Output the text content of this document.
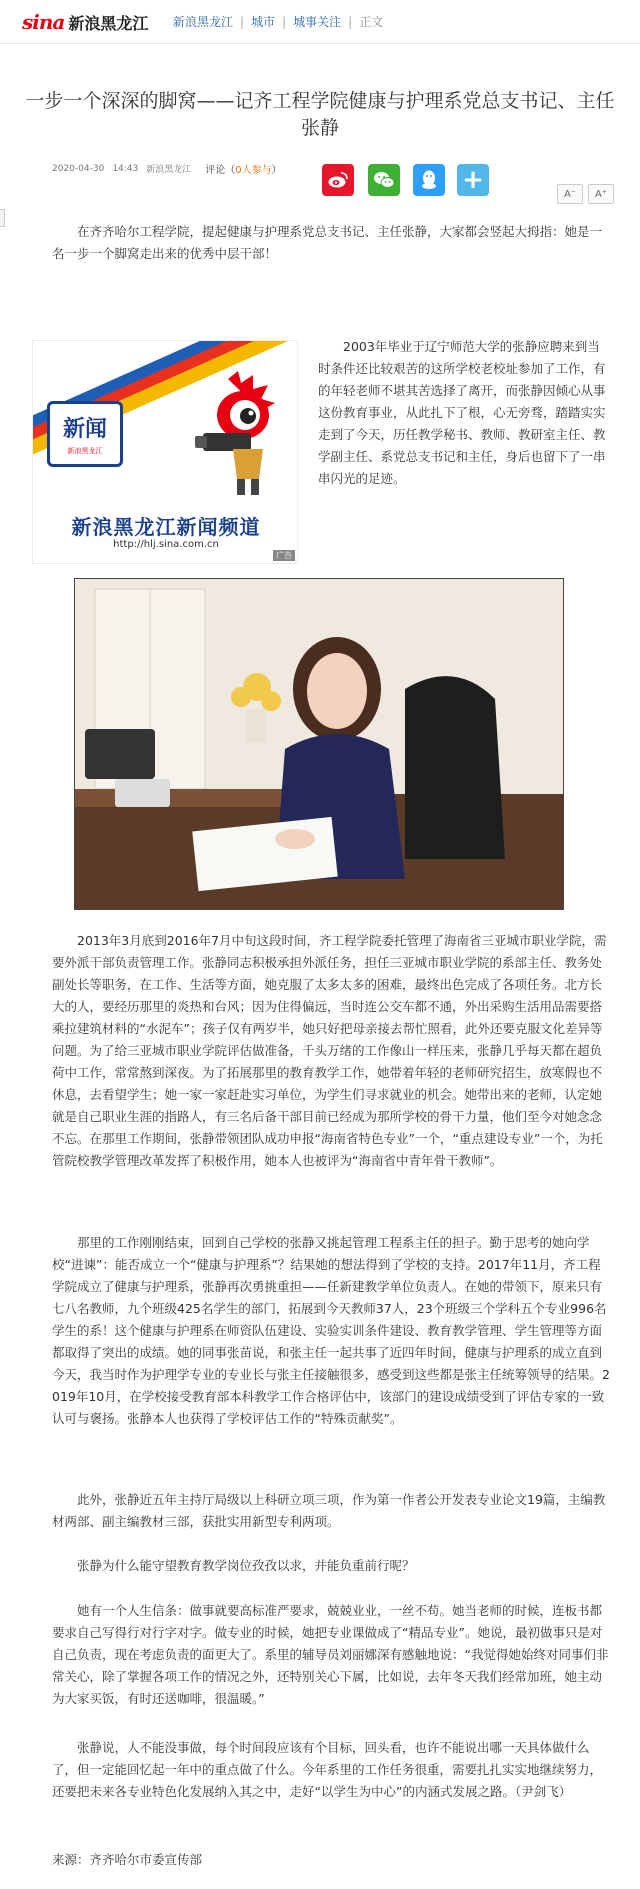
sina 新浪黑龙江 新浪黑龙江 | 城市 | 城事关注 | 正文
一步一个深深的脚窝——记齐工程学院健康与护理系党总支书记、主任张静
2020-04-30 14:43 新浪黑龙江 评论（0人参与）	+	A⁻	A⁺

在齐齐哈尔工程学院，提起健康与护理系党总支书记、主任张静，大家都会竖起大拇指：她是一名一步一个脚窝走出来的优秀中层干部！

新闻
新浪黑龙江
新浪黑龙江新闻频道
http://hlj.sina.com.cn
广告

2003年毕业于辽宁师范大学的张静应聘来到当时条件还比较艰苦的这所学校老校址参加了工作，有的年轻老师不堪其苦选择了离开，而张静因倾心从事这份教育事业，从此扎下了根，心无旁骛，踏踏实实走到了今天，历任教学秘书、教师、教研室主任、教学副主任、系党总支书记和主任，身后也留下了一串串闪光的足迹。

2013年3月底到2016年7月中旬这段时间，齐工程学院委托管理了海南省三亚城市职业学院，需要外派干部负责管理工作。张静同志积极承担外派任务，担任三亚城市职业学院的系部主任、教务处副处长等职务，在工作、生活等方面，她克服了太多太多的困难，最终出色完成了各项任务。北方长大的人，要经历那里的炎热和台风；因为住得偏远，当时连公交车都不通，外出采购生活用品需要搭乘拉建筑材料的“水泥车”；孩子仅有两岁半，她只好把母亲接去帮忙照看，此外还要克服文化差异等问题。为了给三亚城市职业学院评估做准备，千头万绪的工作像山一样压来，张静几乎每天都在超负荷中工作，常常熬到深夜。为了拓展那里的教育教学工作，她带着年轻的老师研究招生，放寒假也不休息，去看望学生；她一家一家赶赴实习单位，为学生们寻求就业的机会。她带出来的老师，认定她就是自己职业生涯的指路人，有三名后备干部目前已经成为那所学校的骨干力量，他们至今对她念念不忘。在那里工作期间，张静带领团队成功申报“海南省特色专业”一个，“重点建设专业”一个，为托管院校教学管理改革发挥了积极作用，她本人也被评为“海南省中青年骨干教师”。

那里的工作刚刚结束，回到自己学校的张静又挑起管理工程系主任的担子。勤于思考的她向学校“进谏”：能否成立一个“健康与护理系”？结果她的想法得到了学校的支持。2017年11月，齐工程学院成立了健康与护理系，张静再次勇挑重担——任新建教学单位负责人。在她的带领下，原来只有七八名教师，九个班级425名学生的部门，拓展到今天教师37人，23个班级三个学科五个专业996名学生的系！这个健康与护理系在师资队伍建设、实验实训条件建设、教育教学管理、学生管理等方面都取得了突出的成绩。她的同事张苗说，和张主任一起共事了近四年时间，健康与护理系的成立直到今天，我当时作为护理学专业的专业长与张主任接触很多，感受到这些都是张主任统筹领导的结果。2019年10月，在学校接受教育部本科教学工作合格评估中，该部门的建设成绩受到了评估专家的一致认可与褒扬。张静本人也获得了学校评估工作的“特殊贡献奖”。

此外，张静近五年主持厅局级以上科研立项三项，作为第一作者公开发表专业论文19篇，主编教材两部、副主编教材三部，获批实用新型专利两项。

张静为什么能守望教育教学岗位孜孜以求，并能负重前行呢？

她有一个人生信条：做事就要高标准严要求，兢兢业业，一丝不苟。她当老师的时候，连板书都要求自己写得行对行字对字。做专业的时候，她把专业课做成了“精品专业”。她说，最初做事只是对自己负责，现在考虑负责的面更大了。系里的辅导员刘丽娜深有感触地说：“我觉得她始终对同事们非常关心，除了掌握各项工作的情况之外，还特别关心下属，比如说，去年冬天我们经常加班，她主动为大家买饭，有时还送咖啡，很温暖。”

张静说，人不能没事做，每个时间段应该有个目标，回头看，也许不能说出哪一天具体做什么了，但一定能回忆起一年中的重点做了什么。今年系里的工作任务很重，需要扎扎实实地继续努力，还要把未来各专业特色化发展纳入其之中，走好“以学生为中心”的内涵式发展之路。（尹剑飞）

来源：齐齐哈尔市委宣传部
